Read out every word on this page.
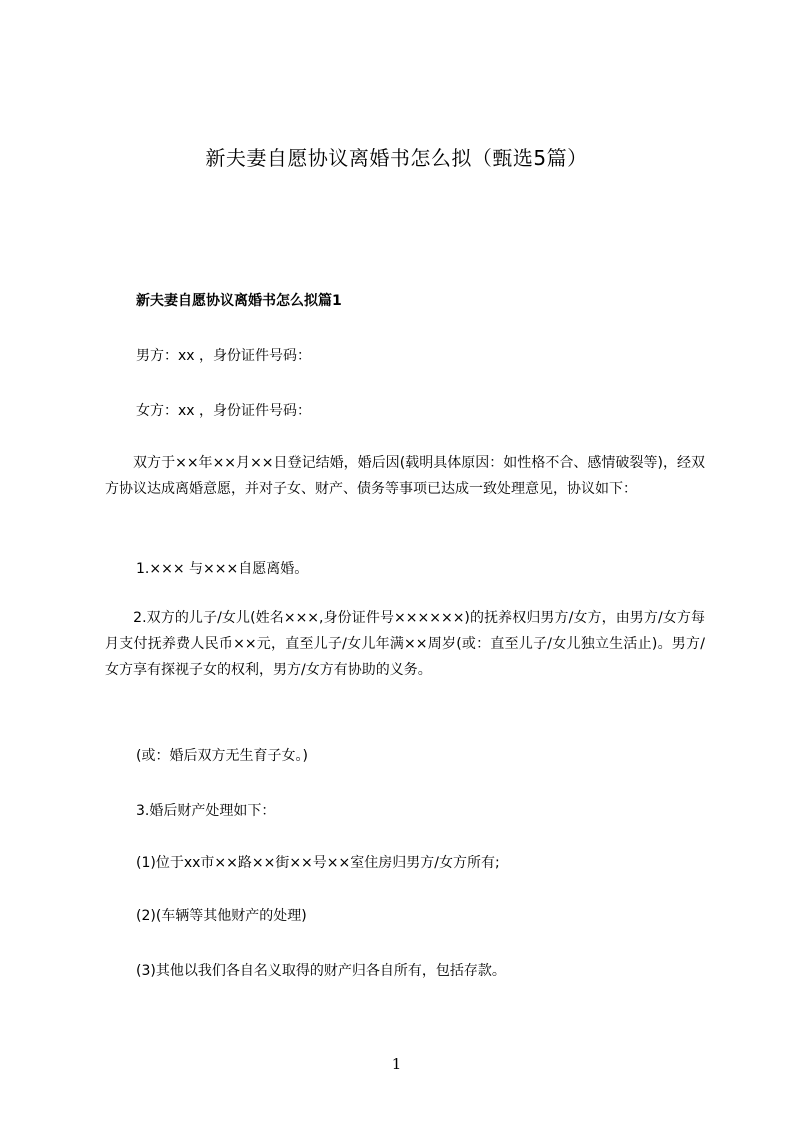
新夫妻自愿协议离婚书怎么拟（甄选5篇）
新夫妻自愿协议离婚书怎么拟篇1
男方：xx ，身份证件号码：
女方：xx ，身份证件号码：
　　双方于××年××月××日登记结婚，婚后因(载明具体原因：如性格不合、感情破裂等)，经双方协议达成离婚意愿，并对子女、财产、债务等事项已达成一致处理意见，协议如下：
1.××× 与×××自愿离婚。
　　2.双方的儿子/女儿(姓名×××,身份证件号××××××)的抚养权归男方/女方，由男方/女方每月支付抚养费人民币××元，直至儿子/女儿年满××周岁(或：直至儿子/女儿独立生活止)。男方/女方享有探视子女的权利，男方/女方有协助的义务。
(或：婚后双方无生育子女。)
3.婚后财产处理如下：
(1)位于xx市××路××街××号××室住房归男方/女方所有;
(2)(车辆等其他财产的处理)
(3)其他以我们各自名义取得的财产归各自所有，包括存款。
1
